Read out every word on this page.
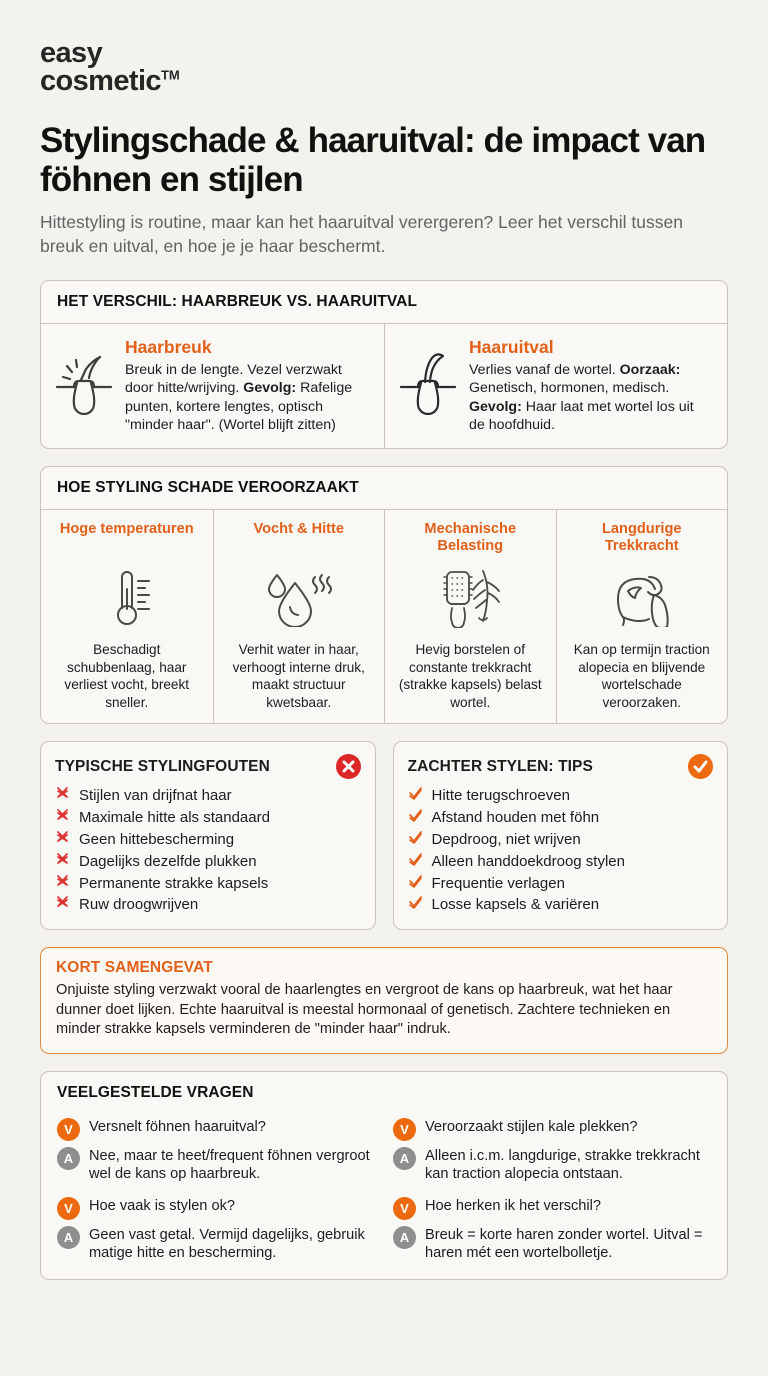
easy
cosmetic™
Stylingschade & haaruitval: de impact van föhnen en stijlen

Hittestyling is routine, maar kan het haaruitval verergeren? Leer het verschil tussen breuk en uitval, en hoe je je haar beschermt.

HET VERSCHIL: HAARBREUK VS. HAARUITVAL
Haarbreuk
Breuk in de lengte. Vezel verzwakt door hitte/wrijving. Gevolg: Rafelige punten, kortere lengtes, optisch "minder haar". (Wortel blijft zitten)
Haaruitval
Verlies vanaf de wortel. Oorzaak: Genetisch, hormonen, medisch. Gevolg: Haar laat met wortel los uit de hoofdhuid.
HOE STYLING SCHADE VEROORZAAKT
Hoge temperaturen
Beschadigt schubbenlaag, haar verliest vocht, breekt sneller.
Vocht & Hitte
Verhit water in haar, verhoogt interne druk, maakt structuur kwetsbaar.
Mechanische Belasting
Hevig borstelen of constante trekkracht (strakke kapsels) belast wortel.
Langdurige Trekkracht
Kan op termijn traction alopecia en blijvende wortelschade veroorzaken.
TYPISCHE STYLINGFOUTEN
Stijlen van drijfnat haar
Maximale hitte als standaard
Geen hittebescherming
Dagelijks dezelfde plukken
Permanente strakke kapsels
Ruw droogwrijven
ZACHTER STYLEN: TIPS
Hitte terugschroeven
Afstand houden met föhn
Depdroog, niet wrijven
Alleen handdoekdroog stylen
Frequentie verlagen
Losse kapsels & variëren
KORT SAMENGEVAT

Onjuiste styling verzwakt vooral de haarlengtes en vergroot de kans op haarbreuk, wat het haar dunner doet lijken. Echte haaruitval is meestal hormonaal of genetisch. Zachtere technieken en minder strakke kapsels verminderen de "minder haar" indruk.

VEELGESTELDE VRAGEN
V	Versnelt föhnen haaruitval?
A	Nee, maar te heet/frequent föhnen vergroot wel de kans op haarbreuk.
V	Veroorzaakt stijlen kale plekken?
A	Alleen i.c.m. langdurige, strakke trekkracht kan traction alopecia ontstaan.
V	Hoe vaak is stylen ok?
A	Geen vast getal. Vermijd dagelijks, gebruik matige hitte en bescherming.
V	Hoe herken ik het verschil?
A	Breuk = korte haren zonder wortel. Uitval = haren mét een wortelbolletje.
